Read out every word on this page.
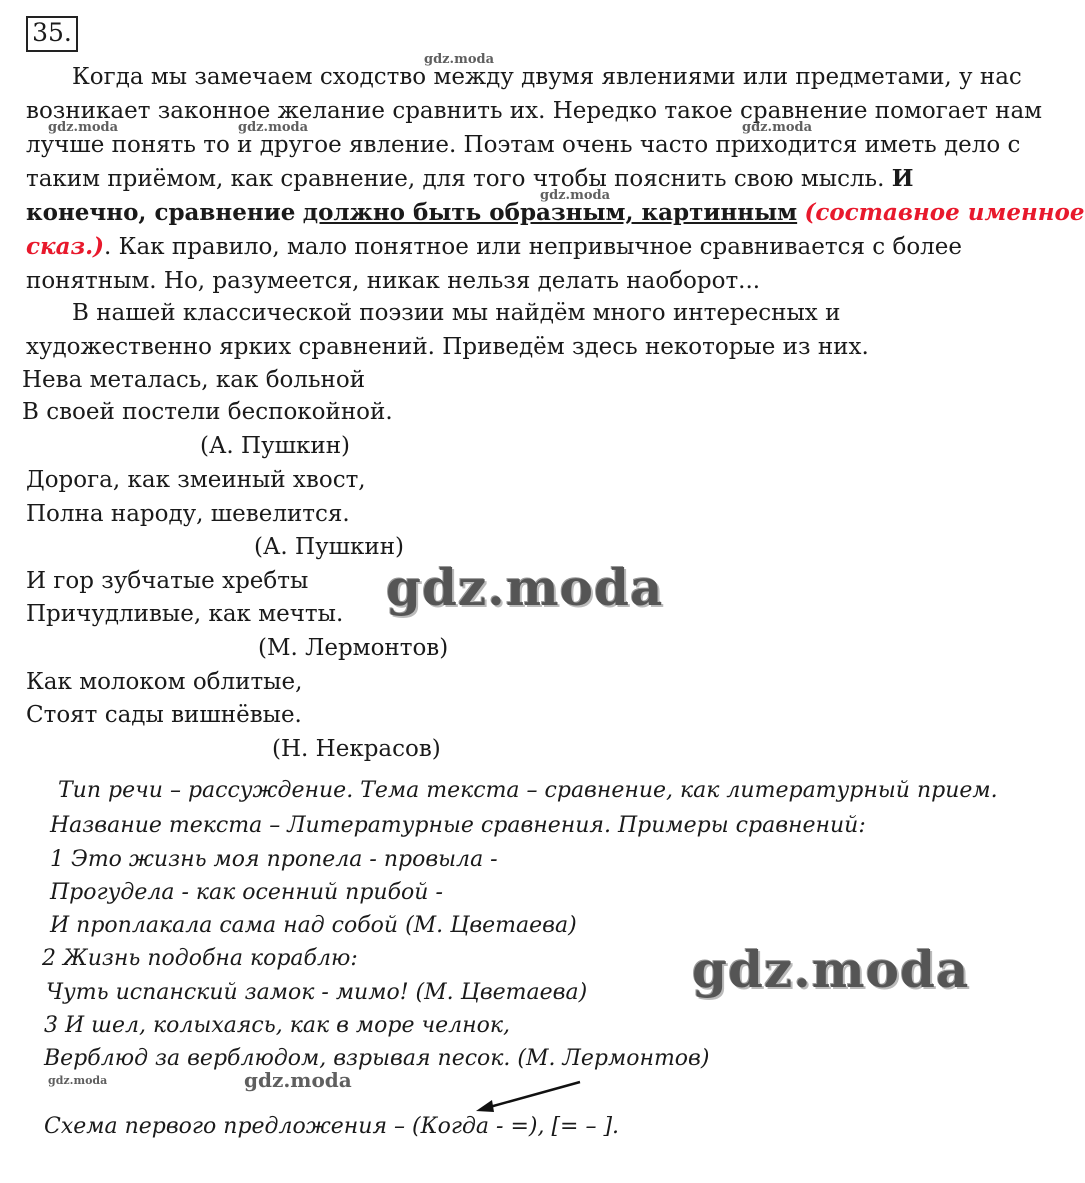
35.
Когда мы замечаем сходство между двумя явлениями или предметами, у нас
возникает законное желание сравнить их. Нередко такое сравнение помогает нам
лучше понять то и другое явление. Поэтам очень часто приходится иметь дело с
таким приёмом, как сравнение, для того чтобы пояснить свою мысль. И
конечно, сравнение должно быть образным, картинным (составное именное
сказ.). Как правило, мало понятное или непривычное сравнивается с более
понятным. Но, разумеется, никак нельзя делать наоборот...
В нашей классической поэзии мы найдём много интересных и
художественно ярких сравнений. Приведём здесь некоторые из них.
Нева металась, как больной
В своей постели беспокойной.
(А. Пушкин)
Дорога, как змеиный хвост,
Полна народу, шевелится.
(А. Пушкин)
И гор зубчатые хребты
Причудливые, как мечты.
(М. Лермонтов)
Как молоком облитые,
Стоят сады вишнёвые.
(Н. Некрасов)
Тип речи – рассуждение. Тема текста – сравнение, как литературный прием.
Название текста – Литературные сравнения. Примеры сравнений:
1 Это жизнь моя пропела - провыла -
Прогудела - как осенний прибой -
И проплакала сама над собой (М. Цветаева)
2 Жизнь подобна кораблю:
Чуть испанский замок - мимо! (М. Цветаева)
3 И шел, колыхаясь, как в море челнок,
Верблюд за верблюдом, взрывая песок. (М. Лермонтов)
Схема первого предложения – (Когда - =), [= – ].
gdz.moda
gdz.moda	gdz.moda	gdz.moda
gdz.moda
gdz.moda	gdz.moda
gdz.moda
gdz.moda
